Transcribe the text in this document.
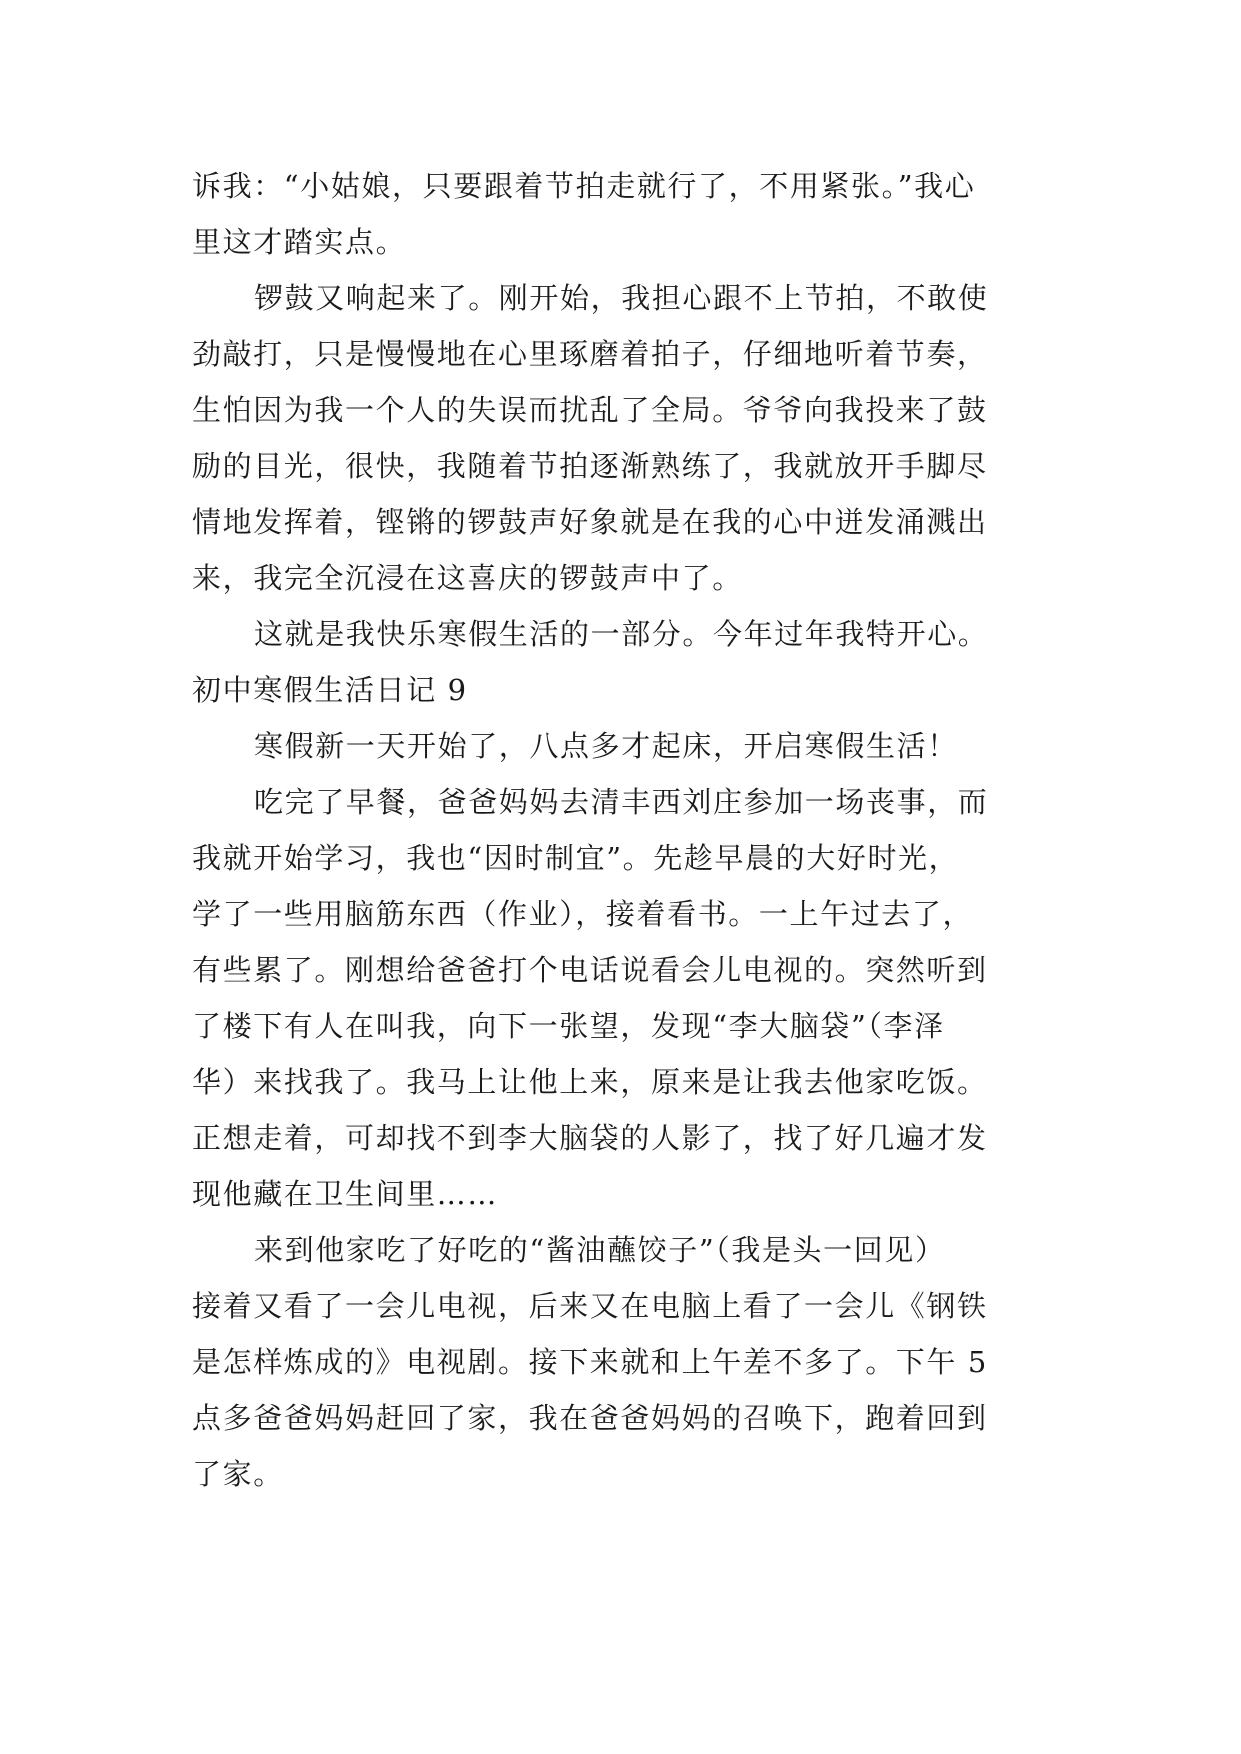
诉我：“小姑娘，只要跟着节拍走就行了，不用紧张。”我心
里这才踏实点。
锣鼓又响起来了。刚开始，我担心跟不上节拍，不敢使
劲敲打，只是慢慢地在心里琢磨着拍子，仔细地听着节奏，
生怕因为我一个人的失误而扰乱了全局。爷爷向我投来了鼓
励的目光，很快，我随着节拍逐渐熟练了，我就放开手脚尽
情地发挥着，铿锵的锣鼓声好象就是在我的心中迸发涌溅出
来，我完全沉浸在这喜庆的锣鼓声中了。
这就是我快乐寒假生活的一部分。今年过年我特开心。
初中寒假生活日记 9
寒假新一天开始了，八点多才起床，开启寒假生活！
吃完了早餐，爸爸妈妈去清丰西刘庄参加一场丧事，而
我就开始学习，我也“因时制宜”。先趁早晨的大好时光，
学了一些用脑筋东西（作业），接着看书。一上午过去了，
有些累了。刚想给爸爸打个电话说看会儿电视的。突然听到
了楼下有人在叫我，向下一张望，发现“李大脑袋”（李泽
华）来找我了。我马上让他上来，原来是让我去他家吃饭。
正想走着，可却找不到李大脑袋的人影了，找了好几遍才发
现他藏在卫生间里……
来到他家吃了好吃的“酱油蘸饺子”（我是头一回见）
接着又看了一会儿电视，后来又在电脑上看了一会儿《钢铁
是怎样炼成的》电视剧。接下来就和上午差不多了。下午 5
点多爸爸妈妈赶回了家，我在爸爸妈妈的召唤下，跑着回到
了家。
